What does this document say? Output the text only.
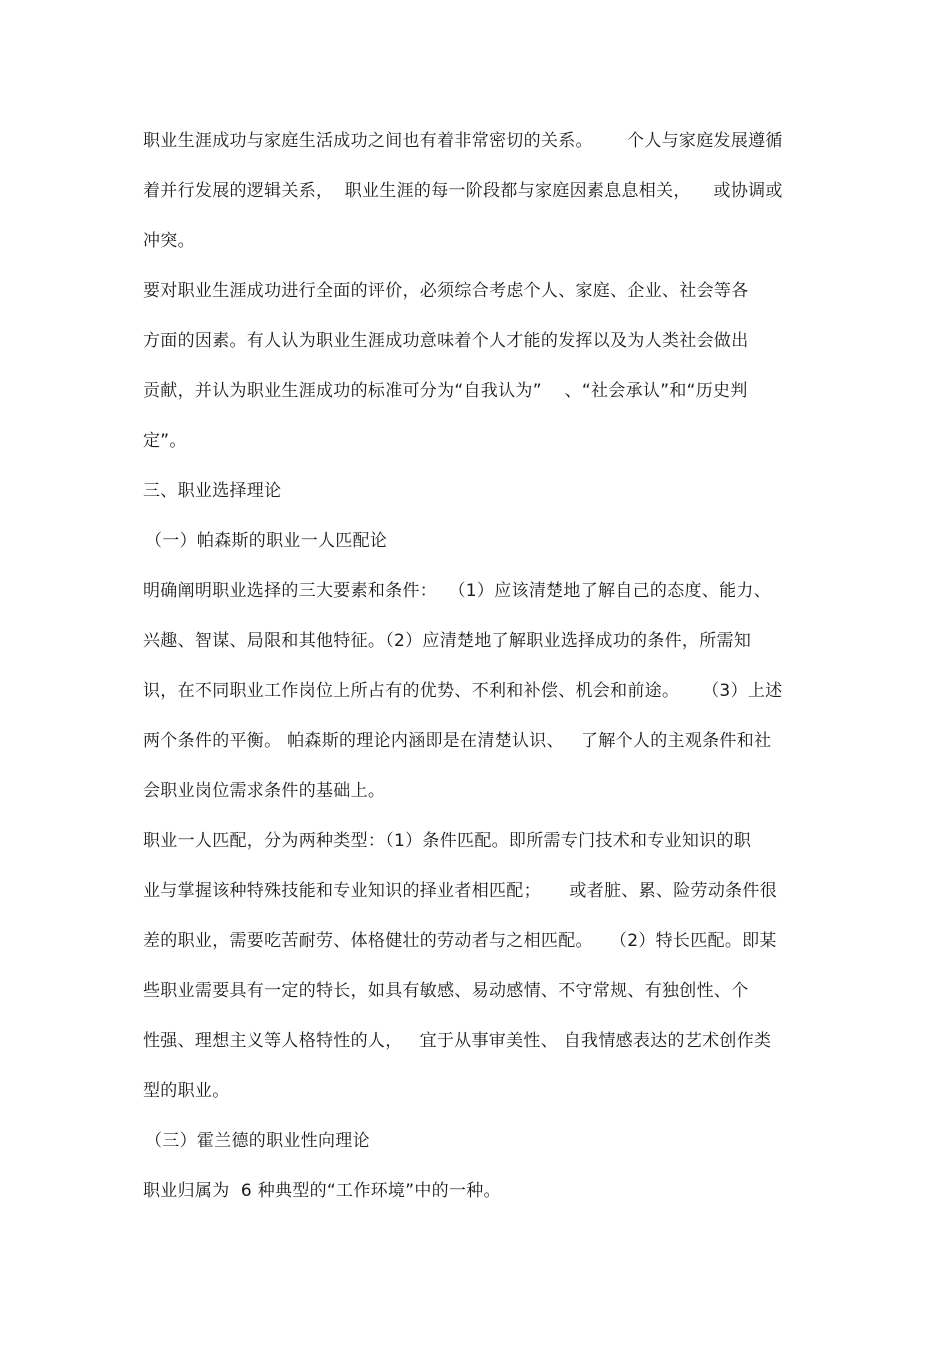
职业生涯成功与家庭生活成功之间也有着非常密切的关系。      个人与家庭发展遵循
着并行发展的逻辑关系，  职业生涯的每一阶段都与家庭因素息息相关，    或协调或
冲突。
要对职业生涯成功进行全面的评价，必须综合考虑个人、家庭、企业、社会等各
方面的因素。有人认为职业生涯成功意味着个人才能的发挥以及为人类社会做出
贡献，并认为职业生涯成功的标准可分为“自我认为”    、“社会承认”和“历史判
定”。
三、职业选择理论
（一）帕森斯的职业一人匹配论
明确阐明职业选择的三大要素和条件：  （1）应该清楚地了解自己的态度、能力、
兴趣、智谋、局限和其他特征。（2）应清楚地了解职业选择成功的条件，所需知
识，在不同职业工作岗位上所占有的优势、不利和补偿、机会和前途。    （3）上述
两个条件的平衡。 帕森斯的理论内涵即是在清楚认识、   了解个人的主观条件和社
会职业岗位需求条件的基础上。
职业一人匹配，分为两种类型：（1）条件匹配。即所需专门技术和专业知识的职
业与掌握该种特殊技能和专业知识的择业者相匹配；     或者脏、累、险劳动条件很
差的职业，需要吃苦耐劳、体格健壮的劳动者与之相匹配。   （2）特长匹配。即某
些职业需要具有一定的特长，如具有敏感、易动感情、不守常规、有独创性、个
性强、理想主义等人格特性的人，   宜于从事审美性、 自我情感表达的艺术创作类
型的职业。
（三）霍兰德的职业性向理论
职业归属为  6 种典型的“工作环境”中的一种。
